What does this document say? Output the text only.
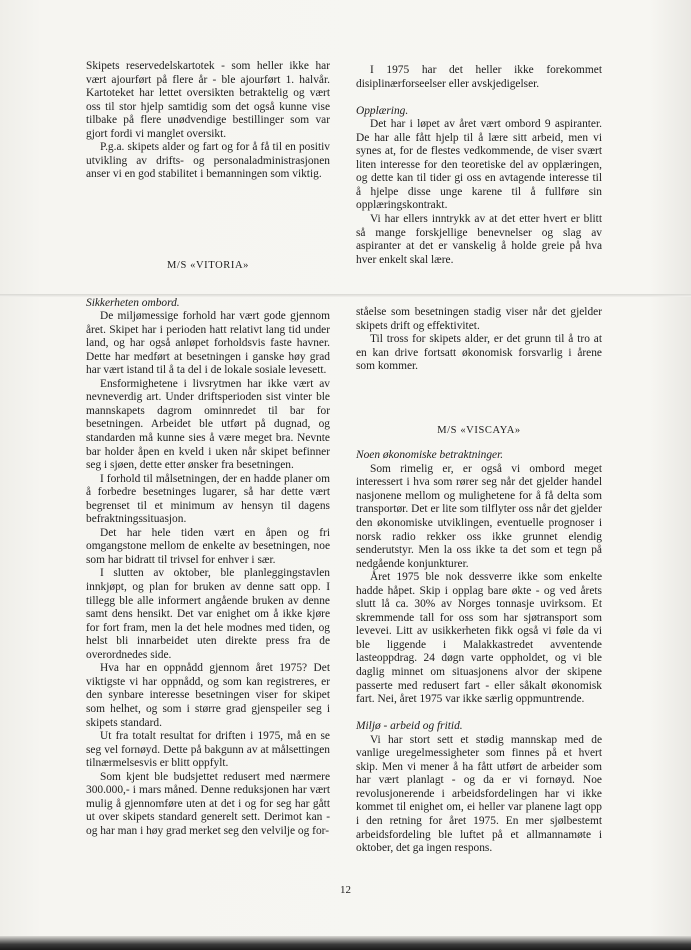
Skipets reservedelskartotek - som heller ikke har vært ajourført på flere år - ble ajourført 1. halvår. Kartoteket har lettet oversikten betraktelig og vært oss til stor hjelp samtidig som det også kunne vise tilbake på flere unødvendige bestillinger som var gjort fordi vi manglet oversikt.

P.g.a. skipets alder og fart og for å få til en positiv utvikling av drifts- og personaladministrasjonen anser vi en god stabilitet i bemanningen som viktig.

M/S «VITORIA»
Sikkerheten ombord.

De miljømessige forhold har vært gode gjennom året. Skipet har i perioden hatt relativt lang tid under land, og har også anløpet forholdsvis faste havner. Dette har medført at besetningen i ganske høy grad har vært istand til å ta del i de lokale sosiale levesett.

Ensformighetene i livsrytmen har ikke vært av nevneverdig art. Under driftsperioden sist vinter ble mannskapets dagrom ominnredet til bar for besetningen. Arbeidet ble utført på dugnad, og standarden må kunne sies å være meget bra. Nevnte bar holder åpen en kveld i uken når skipet befinner seg i sjøen, dette etter ønsker fra besetningen.

I forhold til målsetningen, der en hadde planer om å forbedre besetninges lugarer, så har dette vært begrenset til et minimum av hensyn til dagens befraktningssituasjon.

Det har hele tiden vært en åpen og fri omgangstone mellom de enkelte av besetningen, noe som har bidratt til trivsel for enhver i sær.

I slutten av oktober, ble planleggingstavlen innkjøpt, og plan for bruken av denne satt opp. I tillegg ble alle informert angående bruken av denne samt dens hensikt. Det var enighet om å ikke kjøre for fort fram, men la det hele modnes med tiden, og helst bli innarbeidet uten direkte press fra de overordnedes side.

Hva har en oppnådd gjennom året 1975? Det viktigste vi har oppnådd, og som kan registreres, er den synbare interesse besetningen viser for skipet som helhet, og som i større grad gjenspeiler seg i skipets standard.

Ut fra totalt resultat for driften i 1975, må en se seg vel fornøyd. Dette på bakgunn av at målsettingen tilnærmelsesvis er blitt oppfylt.

Som kjent ble budsjettet redusert med nærmere 300.000,- i mars måned. Denne reduksjonen har vært mulig å gjennomføre uten at det i og for seg har gått ut over skipets standard generelt sett. Derimot kan - og har man i høy grad merket seg den velvilje og for-

I 1975 har det heller ikke forekommet disiplinærforseelser eller avskjedigelser.

Opplæring.

Det har i løpet av året vært ombord 9 aspiranter. De har alle fått hjelp til å lære sitt arbeid, men vi synes at, for de flestes vedkommende, de viser svært liten interesse for den teoretiske del av opplæringen, og dette kan til tider gi oss en avtagende interesse til å hjelpe disse unge karene til å fullføre sin opplæringskontrakt.

Vi har ellers inntrykk av at det etter hvert er blitt så mange forskjellige benevnelser og slag av aspiranter at det er vanskelig å holde greie på hva hver enkelt skal lære.

ståelse som besetningen stadig viser når det gjelder skipets drift og effektivitet.

Til tross for skipets alder, er det grunn til å tro at en kan drive fortsatt økonomisk forsvarlig i årene som kommer.

M/S «VISCAYA»
Noen økonomiske betraktninger.

Som rimelig er, er også vi ombord meget interessert i hva som rører seg når det gjelder handel nasjonene mellom og mulighetene for å få delta som transportør. Det er lite som tilflyter oss når det gjelder den økonomiske utviklingen, eventuelle prognoser i norsk radio rekker oss ikke grunnet elendig senderutstyr. Men la oss ikke ta det som et tegn på nedgående konjunkturer.

Året 1975 ble nok dessverre ikke som enkelte hadde håpet. Skip i opplag bare økte - og ved årets slutt lå ca. 30% av Norges tonnasje uvirksom. Et skremmende tall for oss som har sjøtransport som levevei. Litt av usikkerheten fikk også vi føle da vi ble liggende i Malakkastredet avventende lasteoppdrag. 24 døgn varte oppholdet, og vi ble daglig minnet om situasjonens alvor der skipene passerte med redusert fart - eller såkalt økonomisk fart. Nei, året 1975 var ikke særlig oppmuntrende.

Miljø - arbeid og fritid.

Vi har stort sett et stødig mannskap med de vanlige uregelmessigheter som finnes på et hvert skip. Men vi mener å ha fått utført de arbeider som har vært planlagt - og da er vi fornøyd. Noe revolusjonerende i arbeidsfordelingen har vi ikke kommet til enighet om, ei heller var planene lagt opp i den retning for året 1975. En mer sjølbestemt arbeidsfordeling ble luftet på et allmannamøte i oktober, det ga ingen respons.

12
